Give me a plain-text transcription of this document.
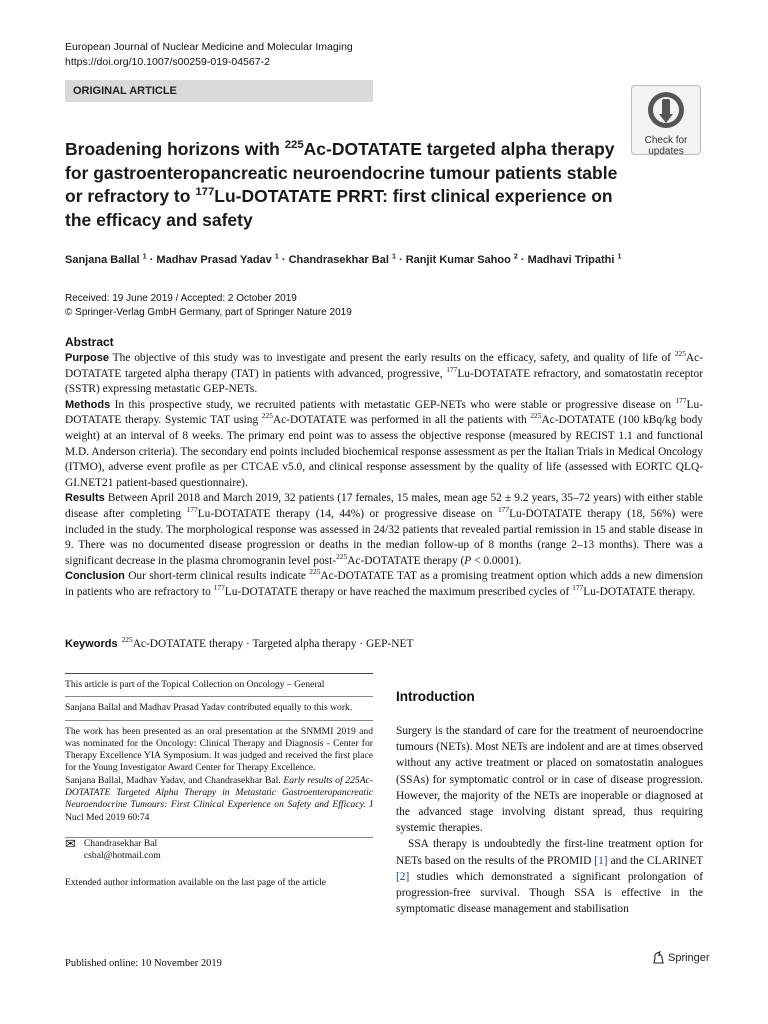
European Journal of Nuclear Medicine and Molecular Imaging
https://doi.org/10.1007/s00259-019-04567-2
ORIGINAL ARTICLE
Check for
updates
Broadening horizons with $^{225}$Ac-DOTATATE targeted alpha therapy for gastroenteropancreatic neuroendocrine tumour patients stable or refractory to $^{177}$Lu-DOTATATE PRRT: first clinical experience on the efficacy and safety
Sanjana Ballal $^1$ · Madhav Prasad Yadav $^1$ · Chandrasekhar Bal $^1$ · Ranjit Kumar Sahoo $^2$ · Madhavi Tripathi $^1$
Received: 19 June 2019 / Accepted: 2 October 2019
© Springer-Verlag GmbH Germany, part of Springer Nature 2019
Abstract

Purpose The objective of this study was to investigate and present the early results on the efficacy, safety, and quality of life of $^{225}$Ac-DOTATATE targeted alpha therapy (TAT) in patients with advanced, progressive, $^{177}$Lu-DOTATATE refractory, and somatostatin receptor (SSTR) expressing metastatic GEP-NETs.

Methods In this prospective study, we recruited patients with metastatic GEP-NETs who were stable or progressive disease on $^{177}$Lu-DOTATATE therapy. Systemic TAT using $^{225}$Ac-DOTATATE was performed in all the patients with $^{225}$Ac-DOTATATE (100 kBq/kg body weight) at an interval of 8 weeks. The primary end point was to assess the objective response (measured by RECIST 1.1 and functional M.D. Anderson criteria). The secondary end points included biochemical response assessment as per the Italian Trials in Medical Oncology (ITMO), adverse event profile as per CTCAE v5.0, and clinical response assessment by the quality of life (assessed with EORTC QLQ-GI.NET21 patient-based questionnaire).

Results Between April 2018 and March 2019, 32 patients (17 females, 15 males, mean age 52 ± 9.2 years, 35–72 years) with either stable disease after completing $^{177}$Lu-DOTATATE therapy (14, 44%) or progressive disease on $^{177}$Lu-DOTATATE therapy (18, 56%) were included in the study. The morphological response was assessed in 24/32 patients that revealed partial remission in 15 and stable disease in 9. There was no documented disease progression or deaths in the median follow-up of 8 months (range 2–13 months). There was a significant decrease in the plasma chromogranin level post-$^{225}$Ac-DOTATATE therapy (P < 0.0001).

Conclusion Our short-term clinical results indicate $^{225}$Ac-DOTATATE TAT as a promising treatment option which adds a new dimension in patients who are refractory to $^{177}$Lu-DOTATATE therapy or have reached the maximum prescribed cycles of $^{177}$Lu-DOTATATE therapy.

Keywords $^{225}$Ac-DOTATATE therapy · Targeted alpha therapy · GEP-NET
This article is part of the Topical Collection on Oncology – General
Sanjana Ballal and Madhav Prasad Yadav contributed equally to this work.
The work has been presented as an oral presentation at the SNMMI 2019 and was nominated for the Oncology: Clinical Therapy and Diagnosis - Center for Therapy Excellence YIA Symposium. It was judged and received the first place for the Young Investigator Award Center for Therapy Excellence.
Sanjana Ballal, Madhav Yadav, and Chandrasekhar Bal. Early results of 225Ac-DOTATATE Targeted Alpha Therapy in Metastatic Gastroenteropancreatic Neuroendocrine Tumours: First Clinical Experience on Safety and Efficacy. J Nucl Med 2019 60:74
✉ Chandrasekhar Bal
csbal@hotmail.com
Extended author information available on the last page of the article
Introduction

Surgery is the standard of care for the treatment of neuroendocrine tumours (NETs). Most NETs are indolent and are at times observed without any active treatment or placed on somatostatin analogues (SSAs) for symptomatic control or in case of disease progression. However, the majority of the NETs are inoperable or diagnosed at the advanced stage involving distant spread, thus requiring systemic therapies.

SSA therapy is undoubtedly the first-line treatment option for NETs based on the results of the PROMID [1] and the CLARINET [2] studies which demonstrated a significant prolongation of progression-free survival. Though SSA is effective in the symptomatic disease management and stabilisation

Published online: 10 November 2019	Springer
